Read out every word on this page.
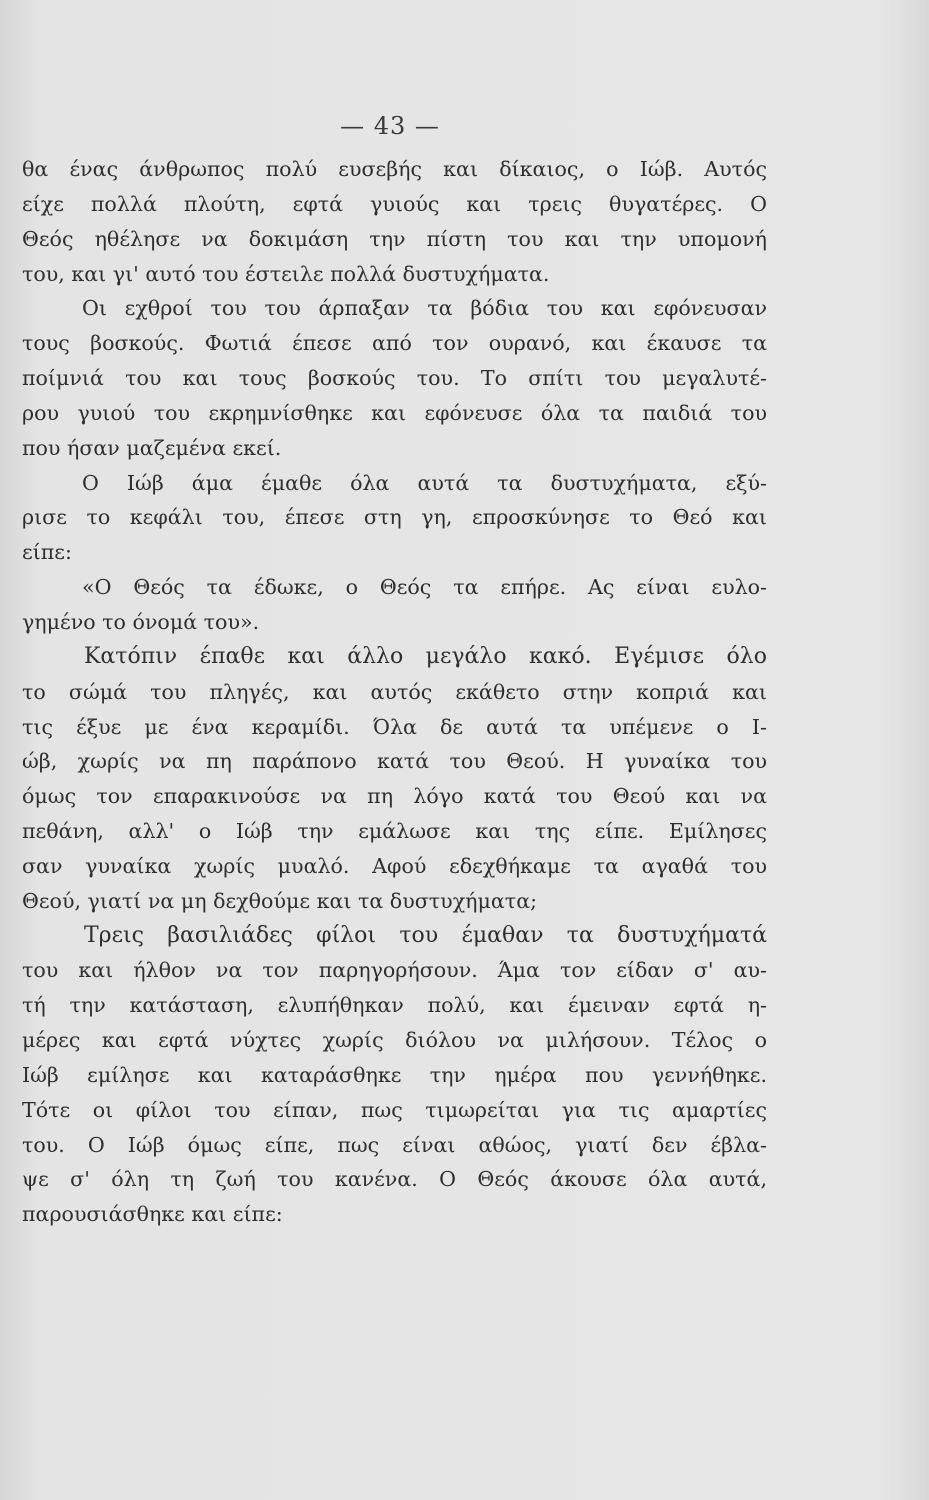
— 43 —
θα ένας άνθρωπος πολύ ευσεβής και δίκαιος, ο Ιώβ. Αυτός
είχε πολλά πλούτη, εφτά γυιούς και τρεις θυγατέρες. Ο
Θεός ηθέλησε να δοκιμάση την πίστη του και την υπομονή
του, και γι' αυτό του έστειλε πολλά δυστυχήματα.
Οι εχθροί του του άρπαξαν τα βόδια του και εφόνευσαν
τους βοσκούς. Φωτιά έπεσε από τον ουρανό, και έκαυσε τα
ποίμνιά του και τους βοσκούς του. Το σπίτι του μεγαλυτέ-
ρου γυιού του εκρημνίσθηκε και εφόνευσε όλα τα παιδιά του
που ήσαν μαζεμένα εκεί.
Ο Ιώβ άμα έμαθε όλα αυτά τα δυστυχήματα, εξύ-
ρισε το κεφάλι του, έπεσε στη γη, επροσκύνησε το Θεό και
είπε:
«Ο Θεός τα έδωκε, ο Θεός τα επήρε. Ας είναι ευλο-
γημένο το όνομά του».
Κατόπιν έπαθε και άλλο μεγάλο κακό. Εγέμισε όλο
το σώμά του πληγές, και αυτός εκάθετο στην κοπριά και
τις έξυε με ένα κεραμίδι. Όλα δε αυτά τα υπέμενε ο Ι-
ώβ, χωρίς να πη παράπονο κατά του Θεού. Η γυναίκα του
όμως τον επαρακινούσε να πη λόγο κατά του Θεού και να
πεθάνη, αλλ' ο Ιώβ την εμάλωσε και της είπε. Εμίλησες
σαν γυναίκα χωρίς μυαλό. Αφού εδεχθήκαμε τα αγαθά του
Θεού, γιατί να μη δεχθούμε και τα δυστυχήματα;
Τρεις βασιλιάδες φίλοι του έμαθαν τα δυστυχήματά
του και ήλθον να τον παρηγορήσουν. Άμα τον είδαν σ' αυ-
τή την κατάσταση, ελυπήθηκαν πολύ, και έμειναν εφτά η-
μέρες και εφτά νύχτες χωρίς διόλου να μιλήσουν. Τέλος ο
Ιώβ εμίλησε και καταράσθηκε την ημέρα που γεννήθηκε.
Τότε οι φίλοι του είπαν, πως τιμωρείται για τις αμαρτίες
του. Ο Ιώβ όμως είπε, πως είναι αθώος, γιατί δεν έβλα-
ψε σ' όλη τη ζωή του κανένα. Ο Θεός άκουσε όλα αυτά,
παρουσιάσθηκε και είπε:
